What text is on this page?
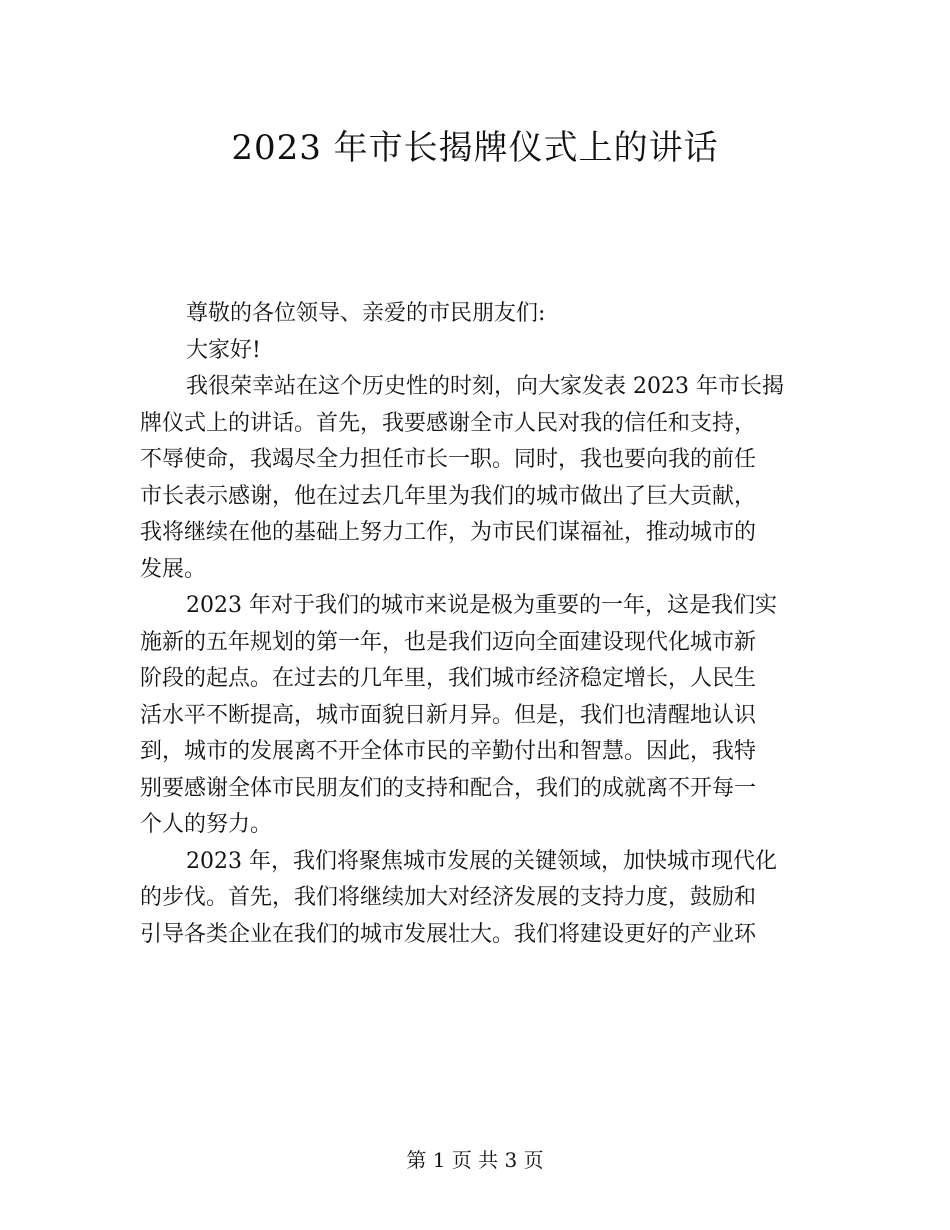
2023 年市长揭牌仪式上的讲话
尊敬的各位领导、亲爱的市民朋友们:
大家好!
我很荣幸站在这个历史性的时刻，向大家发表 2023 年市长揭
牌仪式上的讲话。首先，我要感谢全市人民对我的信任和支持，
不辱使命，我竭尽全力担任市长一职。同时，我也要向我的前任
市长表示感谢，他在过去几年里为我们的城市做出了巨大贡献，
我将继续在他的基础上努力工作，为市民们谋福祉，推动城市的
发展。
2023 年对于我们的城市来说是极为重要的一年，这是我们实
施新的五年规划的第一年，也是我们迈向全面建设现代化城市新
阶段的起点。在过去的几年里，我们城市经济稳定增长，人民生
活水平不断提高，城市面貌日新月异。但是，我们也清醒地认识
到，城市的发展离不开全体市民的辛勤付出和智慧。因此，我特
别要感谢全体市民朋友们的支持和配合，我们的成就离不开每一
个人的努力。
2023 年，我们将聚焦城市发展的关键领域，加快城市现代化
的步伐。首先，我们将继续加大对经济发展的支持力度，鼓励和
引导各类企业在我们的城市发展壮大。我们将建设更好的产业环
第 1 页 共 3 页
